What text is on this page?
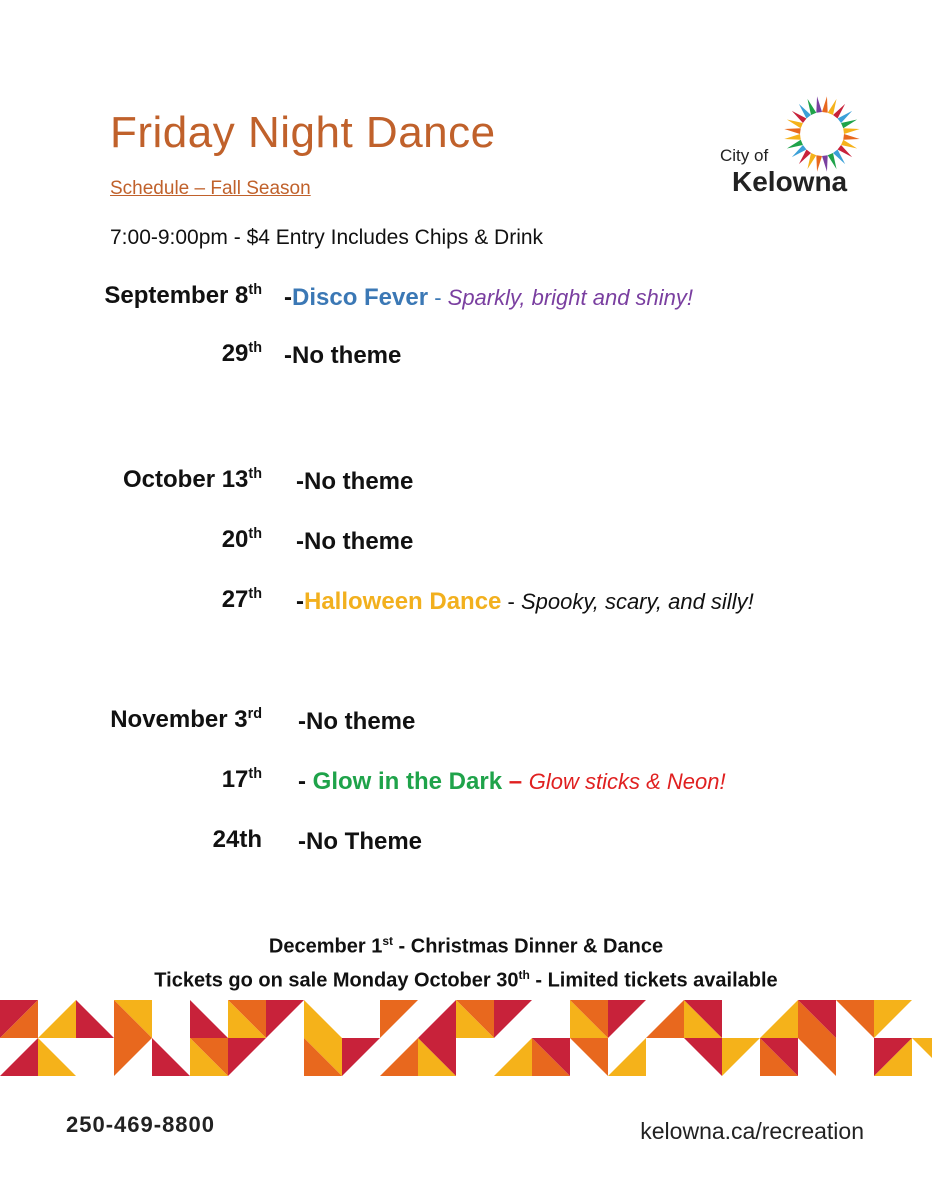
Friday Night Dance
Schedule – Fall Season
7:00-9:00pm - $4 Entry Includes Chips & Drink
City of
Kelowna
September 8th -Disco Fever - Sparkly, bright and shiny!
29th -No theme
October 13th -No theme
20th -No theme
27th -Halloween Dance - Spooky, scary, and silly!
November 3rd -No theme
17th - Glow in the Dark – Glow sticks & Neon!
24th -No Theme
December 1st - Christmas Dinner & Dance
Tickets go on sale Monday October 30th - Limited tickets available
250-469-8800	kelowna.ca/recreation
